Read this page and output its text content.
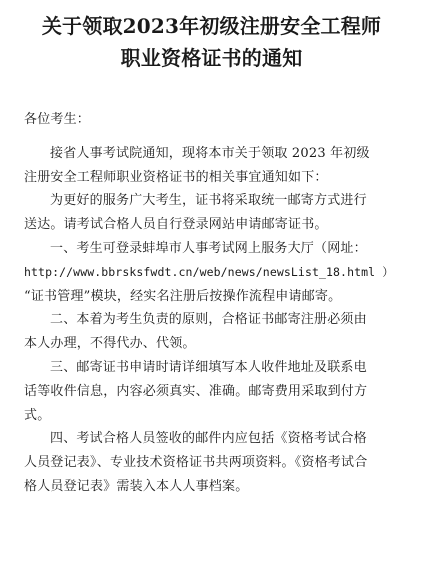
关于领取2023年初级注册安全工程师
职业资格证书的通知
各位考生：
接省人事考试院通知，现将本市关于领取 2023 年初级
注册安全工程师职业资格证书的相关事宜通知如下：
为更好的服务广大考生，证书将采取统一邮寄方式进行
送达。请考试合格人员自行登录网站申请邮寄证书。
一、考生可登录蚌埠市人事考试网上服务大厅（网址：
http://www.bbrsksfwdt.cn/web/news/newsList_18.html ）
“证书管理”模块，经实名注册后按操作流程申请邮寄。
二、本着为考生负责的原则，合格证书邮寄注册必须由
本人办理，不得代办、代领。
三、邮寄证书申请时请详细填写本人收件地址及联系电
话等收件信息，内容必须真实、准确。邮寄费用采取到付方
式。
四、考试合格人员签收的邮件内应包括《资格考试合格
人员登记表》、专业技术资格证书共两项资料。《资格考试合
格人员登记表》需装入本人人事档案。
